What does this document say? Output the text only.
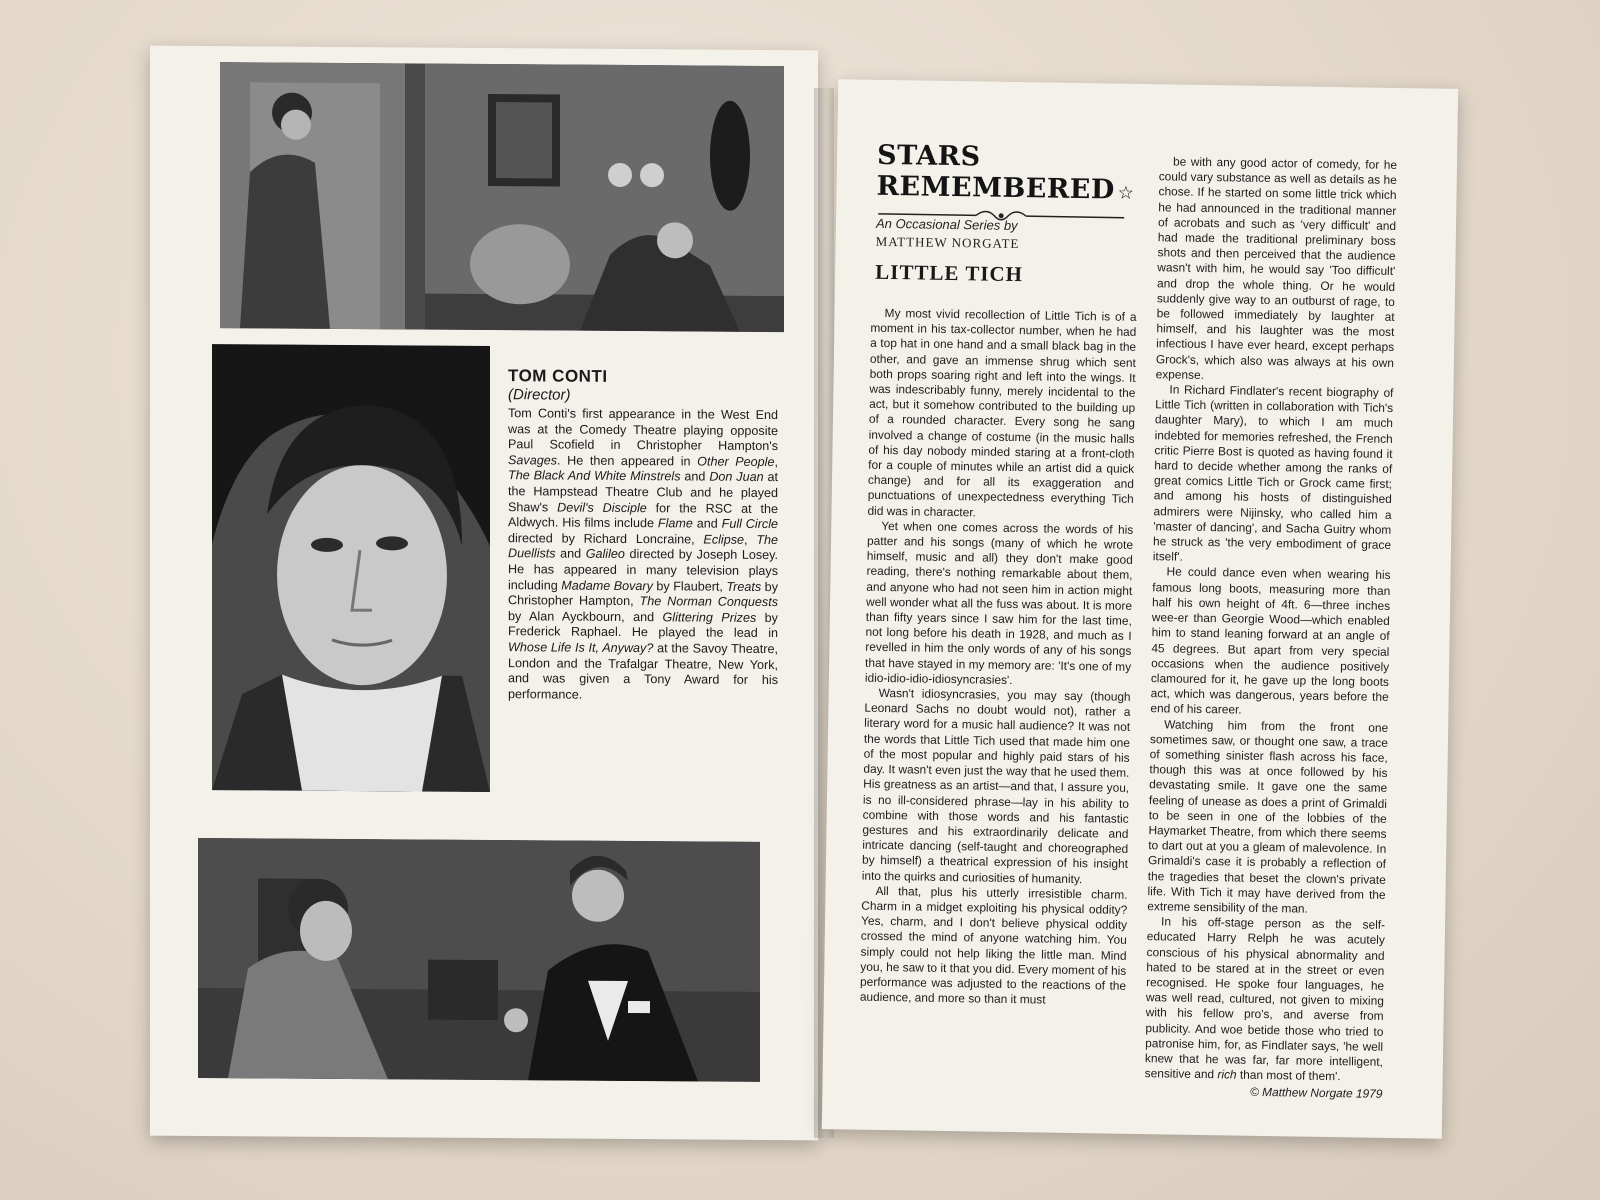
TOM CONTI

(Director)

Tom Conti's first appearance in the West End was at the Comedy Theatre playing opposite Paul Scofield in Christopher Hampton's Savages. He then appeared in Other People, The Black And White Minstrels and Don Juan at the Hampstead Theatre Club and he played Shaw's Devil's Disciple for the RSC at the Aldwych. His films include Flame and Full Circle directed by Richard Loncraine, Eclipse, The Duellists and Galileo directed by Joseph Losey. He has appeared in many television plays including Madame Bovary by Flaubert, Treats by Christopher Hampton, The Norman Conquests by Alan Ayckbourn, and Glittering Prizes by Frederick Raphael. He played the lead in Whose Life Is It, Anyway? at the Savoy Theatre, London and the Trafalgar Theatre, New York, and was given a Tony Award for his performance.
STARS REMEMBERED ☆
An Occasional Series by
MATTHEW NORGATE
LITTLE TICH

My most vivid recollection of Little Tich is of a moment in his tax-collector number, when he had a top hat in one hand and a small black bag in the other, and gave an immense shrug which sent both props soaring right and left into the wings. It was indescribably funny, merely incidental to the act, but it somehow contributed to the building up of a rounded character. Every song he sang involved a change of costume (in the music halls of his day nobody minded staring at a front-cloth for a couple of minutes while an artist did a quick change) and for all its exaggeration and punctuations of unexpectedness everything Tich did was in character.

Yet when one comes across the words of his patter and his songs (many of which he wrote himself, music and all) they don't make good reading, there's nothing remarkable about them, and anyone who had not seen him in action might well wonder what all the fuss was about. It is more than fifty years since I saw him for the last time, not long before his death in 1928, and much as I revelled in him the only words of any of his songs that have stayed in my memory are: 'It's one of my idio-idio-idio-idiosyncrasies'.

Wasn't idiosyncrasies, you may say (though Leonard Sachs no doubt would not), rather a literary word for a music hall audience? It was not the words that Little Tich used that made him one of the most popular and highly paid stars of his day. It wasn't even just the way that he used them. His greatness as an artist—and that, I assure you, is no ill-considered phrase—lay in his ability to combine with those words and his fantastic gestures and his extraordinarily delicate and intricate dancing (self-taught and choreographed by himself) a theatrical expression of his insight into the quirks and curiosities of humanity.

All that, plus his utterly irresistible charm. Charm in a midget exploiting his physical oddity? Yes, charm, and I don't believe physical oddity crossed the mind of anyone watching him. You simply could not help liking the little man. Mind you, he saw to it that you did. Every moment of his performance was adjusted to the reactions of the audience, and more so than it must

be with any good actor of comedy, for he could vary substance as well as details as he chose. If he started on some little trick which he had announced in the traditional manner of acrobats and such as 'very difficult' and had made the traditional preliminary boss shots and then perceived that the audience wasn't with him, he would say 'Too difficult' and drop the whole thing. Or he would suddenly give way to an outburst of rage, to be followed immediately by laughter at himself, and his laughter was the most infectious I have ever heard, except perhaps Grock's, which also was always at his own expense.

In Richard Findlater's recent biography of Little Tich (written in collaboration with Tich's daughter Mary), to which I am much indebted for memories refreshed, the French critic Pierre Bost is quoted as having found it hard to decide whether among the ranks of great comics Little Tich or Grock came first; and among his hosts of distinguished admirers were Nijinsky, who called him a 'master of dancing', and Sacha Guitry whom he struck as 'the very embodiment of grace itself'.

He could dance even when wearing his famous long boots, measuring more than half his own height of 4ft. 6—three inches wee-er than Georgie Wood—which enabled him to stand leaning forward at an angle of 45 degrees. But apart from very special occasions when the audience positively clamoured for it, he gave up the long boots act, which was dangerous, years before the end of his career.

Watching him from the front one sometimes saw, or thought one saw, a trace of something sinister flash across his face, though this was at once followed by his devastating smile. It gave one the same feeling of unease as does a print of Grimaldi to be seen in one of the lobbies of the Haymarket Theatre, from which there seems to dart out at you a gleam of malevolence. In Grimaldi's case it is probably a reflection of the tragedies that beset the clown's private life. With Tich it may have derived from the extreme sensibility of the man.

In his off-stage person as the self-educated Harry Relph he was acutely conscious of his physical abnormality and hated to be stared at in the street or even recognised. He spoke four languages, he was well read, cultured, not given to mixing with his fellow pro's, and averse from publicity. And woe betide those who tried to patronise him, for, as Findlater says, 'he well knew that he was far, far more intelligent, sensitive and rich than most of them'.

© Matthew Norgate 1979
